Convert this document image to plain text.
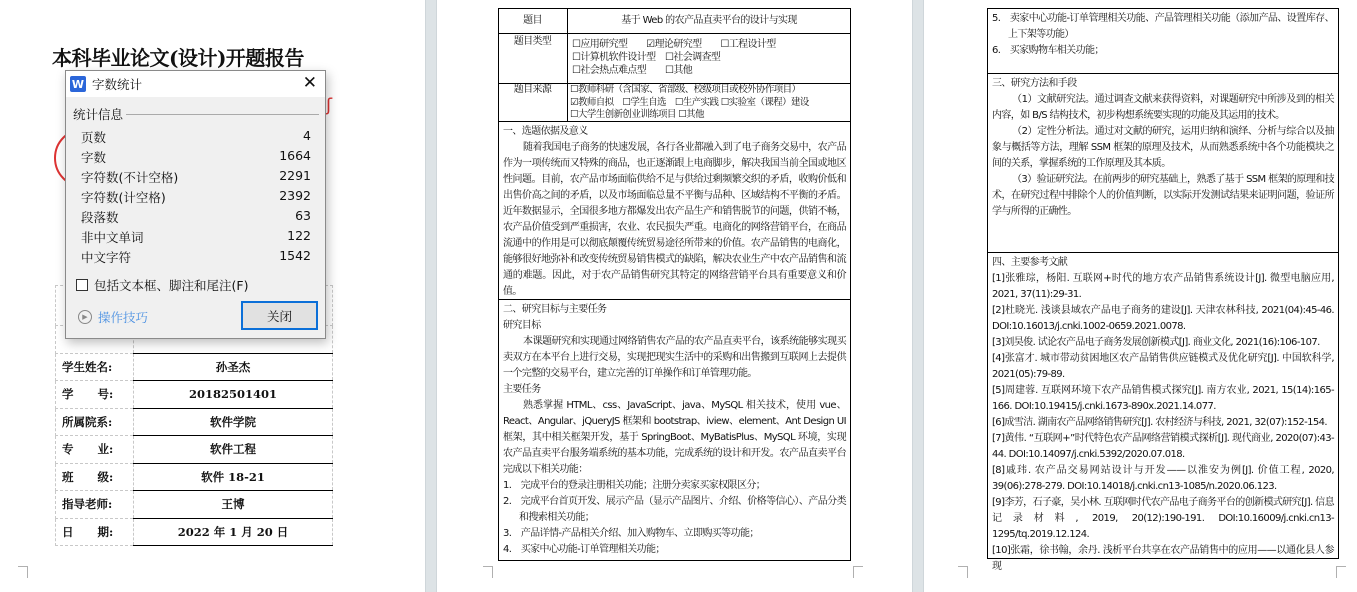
本科毕业论文(设计)开题报告
ʃ

学生姓名:	孙圣杰
学      号:	20182501401
所属院系:	软件学院
专      业:	软件工程
班      级:	软件 18-21
指导老师:	王博
日      期:	2022 年 1 月 20 日
题目	基于 Web 的农产品直卖平台的设计与实现
题目类型	☐应用研究型　　☑理论研究型　　☐工程设计型
☐计算机软件设计型　☐社会调查型
☐社会热点难点型　　☐其他
题目来源	☐教师科研（含国家、省部级、校级项目或校外协作项目）
☑教师自拟　☐学生自选　☐生产实践 ☐实验室（课程）建设
☐大学生创新创业训练项目 ☐其他

一、选题依据及意义

随着我国电子商务的快速发展，各行各业都融入到了电子商务交易中，农产品作为一项传统而又特殊的商品，也正逐渐跟上电商脚步，解决我国当前全国或地区性问题。目前，农产品市场面临供给不足与供给过剩频繁交织的矛盾，收购价低和出售价高之间的矛盾，以及市场面临总量不平衡与品种、区域结构不平衡的矛盾。近年数据显示，全国很多地方都爆发出农产品生产和销售脱节的问题，供销不畅，农产品价值受到严重损害，农业、农民损失严重。电商化的网络营销平台，在商品流通中的作用是可以彻底颠覆传统贸易途径所带来的价值。农产品销售的电商化，能够很好地弥补和改变传统贸易销售模式的缺陷，解决农业生产中农产品销售和流通的难题。因此，对于农产品销售研究其特定的网络营销平台具有重要意义和价值。

二、研究目标与主要任务

研究目标

本课题研究和实现通过网络销售农产品的农产品直卖平台，该系统能够实现买卖双方在本平台上进行交易，实现把现实生活中的采购和出售搬到互联网上去提供一个完整的交易平台，建立完善的订单操作和订单管理功能。

主要任务

熟悉掌握 HTML、css、JavaScript、java、MySQL 相关技术，使用 vue、React、Angular、jQueryJS 框架和 bootstrap、iview、element、Ant Design UI 框架，其中相关框架开发，基于 SpringBoot、MyBatisPlus、MySQL 环境，实现农产品直卖平台服务端系统的基本功能，完成系统的设计和开发。农产品直卖平台完成以下相关功能：

1.　完成平台的登录注册相关功能；注册分卖家买家权限区分；

2.　完成平台首页开发、展示产品（显示产品图片、介绍、价格等信心）、产品分类和搜索相关功能；

3.　产品详情-产品相关介绍、加入购物车、立即购买等功能；

4.　买家中心功能-订单管理相关功能；

5.　卖家中心功能-订单管理相关功能、产品管理相关功能（添加产品、设置库存、上下架等功能）

6.　买家购物车相关功能；

三、研究方法和手段

（1）文献研究法。通过调查文献来获得资料，对课题研究中所涉及到的相关内容，如 B/S 结构技术，初步构想系统要实现的功能及其运用的技术。

（2）定性分析法。通过对文献的研究，运用归纳和演绎、分析与综合以及抽象与概括等方法，理解 SSM 框架的原理及技术，从而熟悉系统中各个功能模块之间的关系，掌握系统的工作原理及其本质。

（3）验证研究法。在前两步的研究基础上，熟悉了基于 SSM 框架的原理和技术，在研究过程中排除个人的价值判断，以实际开发测试结果来证明问题，验证所学与所得的正确性。

四、主要参考文献

[1]张雅琮，杨阳. 互联网+时代的地方农产品销售系统设计[J]. 微型电脑应用, 2021, 37(11):29-31.

[2]杜晓光. 浅谈县域农产品电子商务的建设[J]. 天津农林科技, 2021(04):45-46. DOI:10.16013/j.cnki.1002-0659.2021.0078.

[3]刘昊俊. 试论农产品电子商务发展创新模式[J]. 商业文化, 2021(16):106-107.

[4]张富才. 城市带动贫困地区农产品销售供应链模式及优化研究[J]. 中国软科学, 2021(05):79-89.

[5]周建蓉. 互联网环境下农产品销售模式探究[J]. 南方农业, 2021, 15(14):165-166. DOI:10.19415/j.cnki.1673-890x.2021.14.077.

[6]成雪洁. 湖南农产品网络销售研究[J]. 农村经济与科技, 2021, 32(07):152-154.

[7]黄伟. “互联网+”时代特色农产品网络营销模式探析[J]. 现代商业, 2020(07):43-44. DOI:10.14097/j.cnki.5392/2020.07.018.

[8]戚玮. 农产品交易网站设计与开发——以淮安为例[J]. 价值工程, 2020, 39(06):278-279. DOI:10.14018/j.cnki.cn13-1085/n.2020.06.123.

[9]李芳，石子豪，吴小林. 互联网时代农产品电子商务平台的创新模式研究[J]. 信息记录材料, 2019, 20(12):190-191. DOI:10.16009/j.cnki.cn13-1295/tq.2019.12.124.

[10]张霜，徐书翰，余丹. 浅析平台共享在农产品销售中的应用——以通化县人参现

W 字数统计	✕
统计信息
页数	4
字数	1664
字符数(不计空格)	2291
字符数(计空格)	2392
段落数	63
非中文单词	122
中文字符	1542
包括文本框、脚注和尾注(F)
▶ 操作技巧	关闭
